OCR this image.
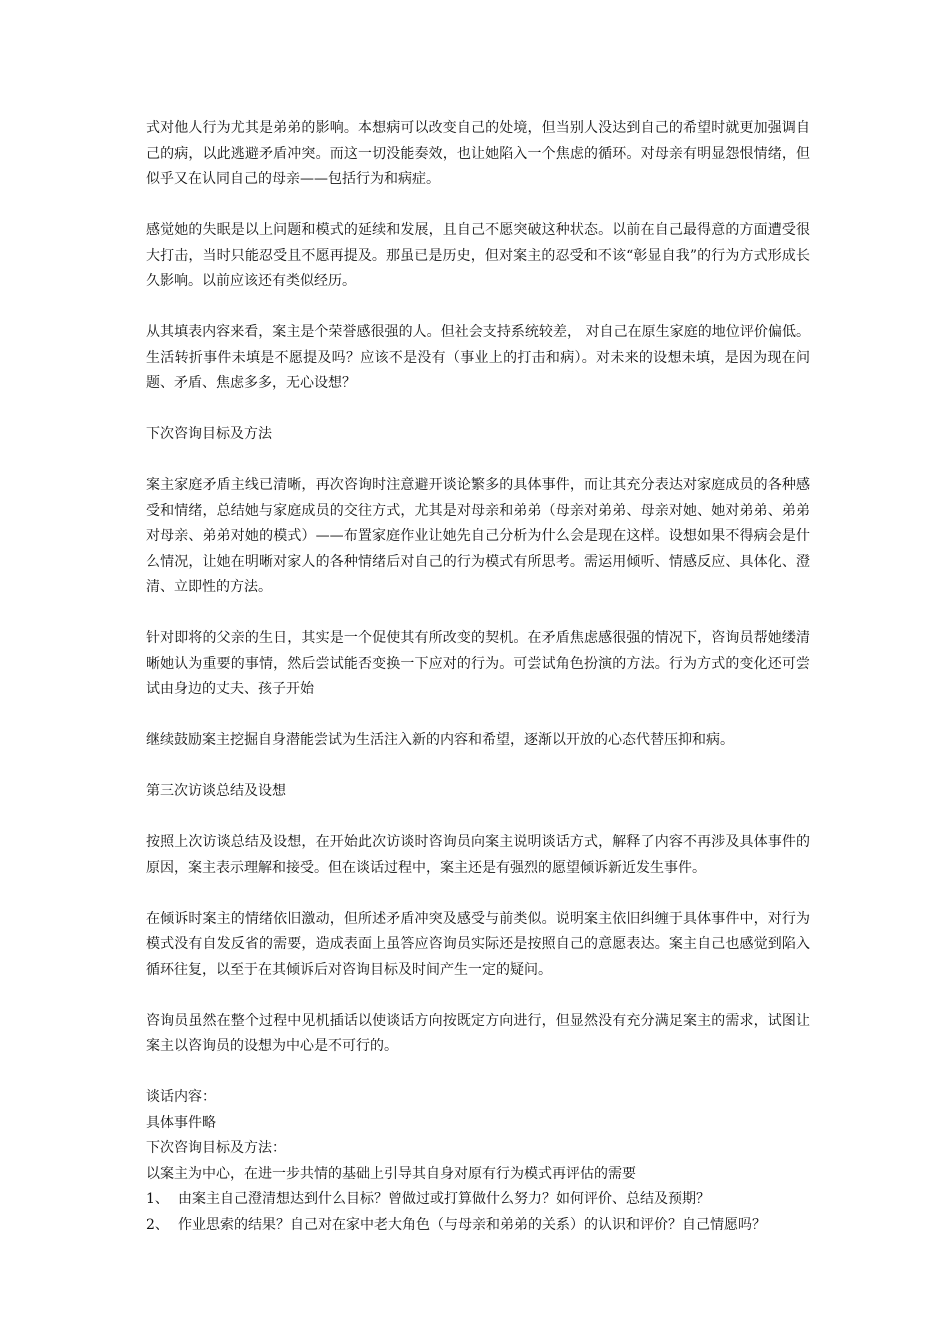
式对他人行为尤其是弟弟的影响。本想病可以改变自己的处境，但当别人没达到自己的希望时就更加强调自己的病，以此逃避矛盾冲突。而这一切没能奏效，也让她陷入一个焦虑的循环。对母亲有明显怨恨情绪，但似乎又在认同自己的母亲——包括行为和病症。

感觉她的失眠是以上问题和模式的延续和发展，且自己不愿突破这种状态。以前在自己最得意的方面遭受很大打击，当时只能忍受且不愿再提及。那虽已是历史，但对案主的忍受和不该“彰显自我”的行为方式形成长久影响。以前应该还有类似经历。

从其填表内容来看，案主是个荣誉感很强的人。但社会支持系统较差， 对自己在原生家庭的地位评价偏低。生活转折事件未填是不愿提及吗？应该不是没有（事业上的打击和病）。对未来的设想未填，是因为现在问题、矛盾、焦虑多多，无心设想？

下次咨询目标及方法

案主家庭矛盾主线已清晰，再次咨询时注意避开谈论繁多的具体事件，而让其充分表达对家庭成员的各种感受和情绪，总结她与家庭成员的交往方式，尤其是对母亲和弟弟（母亲对弟弟、母亲对她、她对弟弟、弟弟对母亲、弟弟对她的模式）——布置家庭作业让她先自己分析为什么会是现在这样。设想如果不得病会是什么情况，让她在明晰对家人的各种情绪后对自己的行为模式有所思考。需运用倾听、情感反应、具体化、澄清、立即性的方法。

针对即将的父亲的生日，其实是一个促使其有所改变的契机。在矛盾焦虑感很强的情况下，咨询员帮她缕清晰她认为重要的事情，然后尝试能否变换一下应对的行为。可尝试角色扮演的方法。行为方式的变化还可尝试由身边的丈夫、孩子开始

继续鼓励案主挖掘自身潜能尝试为生活注入新的内容和希望，逐渐以开放的心态代替压抑和病。

第三次访谈总结及设想

按照上次访谈总结及设想，在开始此次访谈时咨询员向案主说明谈话方式，解释了内容不再涉及具体事件的原因，案主表示理解和接受。但在谈话过程中，案主还是有强烈的愿望倾诉新近发生事件。

在倾诉时案主的情绪依旧激动，但所述矛盾冲突及感受与前类似。说明案主依旧纠缠于具体事件中，对行为模式没有自发反省的需要，造成表面上虽答应咨询员实际还是按照自己的意愿表达。案主自己也感觉到陷入循环往复，以至于在其倾诉后对咨询目标及时间产生一定的疑问。

咨询员虽然在整个过程中见机插话以使谈话方向按既定方向进行，但显然没有充分满足案主的需求，试图让案主以咨询员的设想为中心是不可行的。

谈话内容：

具体事件略

下次咨询目标及方法：

以案主为中心，在进一步共情的基础上引导其自身对原有行为模式再评估的需要

1、 由案主自己澄清想达到什么目标？曾做过或打算做什么努力？如何评价、总结及预期？
2、 作业思索的结果？自己对在家中老大角色（与母亲和弟弟的关系）的认识和评价？自己情愿吗？
